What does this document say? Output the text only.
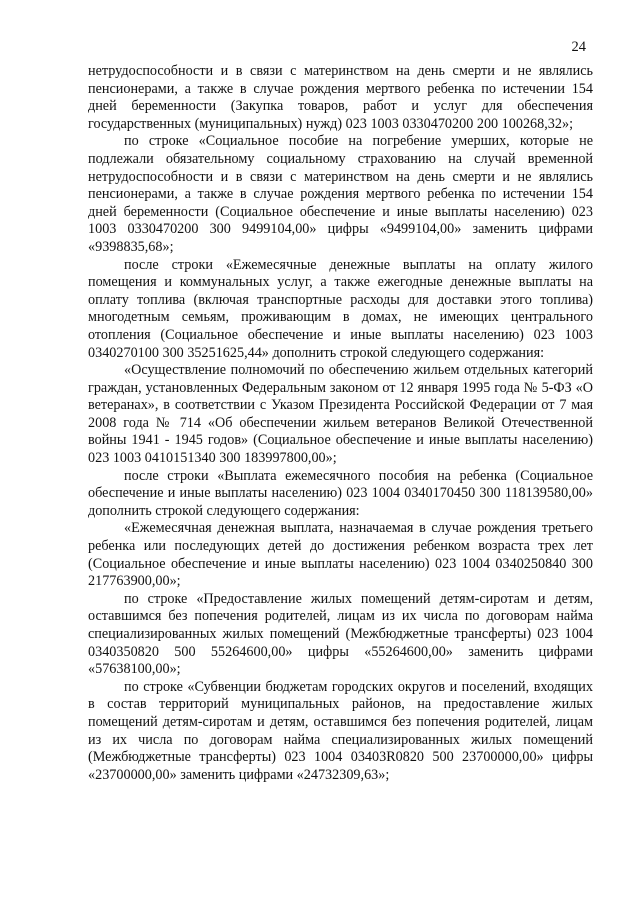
24

нетрудоспособности и в связи с материнством на день смерти и не являлись пенсионерами, а также в случае рождения мертвого ребенка по истечении 154 дней беременности (Закупка товаров, работ и услуг для обеспечения государственных (муниципальных) нужд) 023 1003 0330470200 200 100268,32»;

по строке «Социальное пособие на погребение умерших, которые не подлежали обязательному социальному страхованию на случай временной нетрудоспособности и в связи с материнством на день смерти и не являлись пенсионерами, а также в случае рождения мертвого ребенка по истечении 154 дней беременности (Социальное обеспечение и иные выплаты населению) 023 1003 0330470200 300 9499104,00» цифры «9499104,00» заменить цифрами «9398835,68»;

после строки «Ежемесячные денежные выплаты на оплату жилого помещения и коммунальных услуг, а также ежегодные денежные выплаты на оплату топлива (включая транспортные расходы для доставки этого топлива) многодетным семьям, проживающим в домах, не имеющих центрального отопления (Социальное обеспечение и иные выплаты населению) 023 1003 0340270100 300 35251625,44» дополнить строкой следующего содержания:

«Осуществление полномочий по обеспечению жильем отдельных категорий граждан, установленных Федеральным законом от 12 января 1995 года № 5-ФЗ «О ветеранах», в соответствии с Указом Президента Российской Федерации от 7 мая 2008 года № 714 «Об обеспечении жильем ветеранов Великой Отечественной войны 1941 - 1945 годов» (Социальное обеспечение и иные выплаты населению) 023 1003 0410151340 300 183997800,00»;

после строки «Выплата ежемесячного пособия на ребенка (Социальное обеспечение и иные выплаты населению) 023 1004 0340170450 300 118139580,00» дополнить строкой следующего содержания:

«Ежемесячная денежная выплата, назначаемая в случае рождения третьего ребенка или последующих детей до достижения ребенком возраста трех лет (Социальное обеспечение и иные выплаты населению) 023 1004 0340250840 300 217763900,00»;

по строке «Предоставление жилых помещений детям-сиротам и детям, оставшимся без попечения родителей, лицам из их числа по договорам найма специализированных жилых помещений (Межбюджетные трансферты) 023 1004 0340350820 500 55264600,00» цифры «55264600,00» заменить цифрами «57638100,00»;

по строке «Субвенции бюджетам городских округов и поселений, входящих в состав территорий муниципальных районов, на предоставление жилых помещений детям-сиротам и детям, оставшимся без попечения родителей, лицам из их числа по договорам найма специализированных жилых помещений (Межбюджетные трансферты) 023 1004 03403R0820 500 23700000,00» цифры «23700000,00» заменить цифрами «24732309,63»;
